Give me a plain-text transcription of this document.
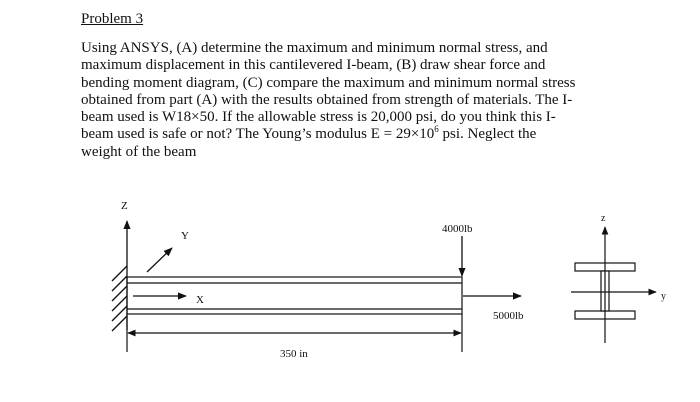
Problem 3

Using ANSYS, (A) determine the maximum and minimum normal stress, and
maximum displacement in this cantilevered I-beam, (B) draw shear force and
bending moment diagram, (C) compare the maximum and minimum normal stress
obtained from part (A) with the results obtained from strength of materials. The I-
beam used is W18×50. If the allowable stress is 20,000 psi, do you think this I-
beam used is safe or not? The Young’s modulus $E = 29\times 10^6$ psi. Neglect the
weight of the beam

Z
Y
X
4000lb
5000lb
350 in
z
y
